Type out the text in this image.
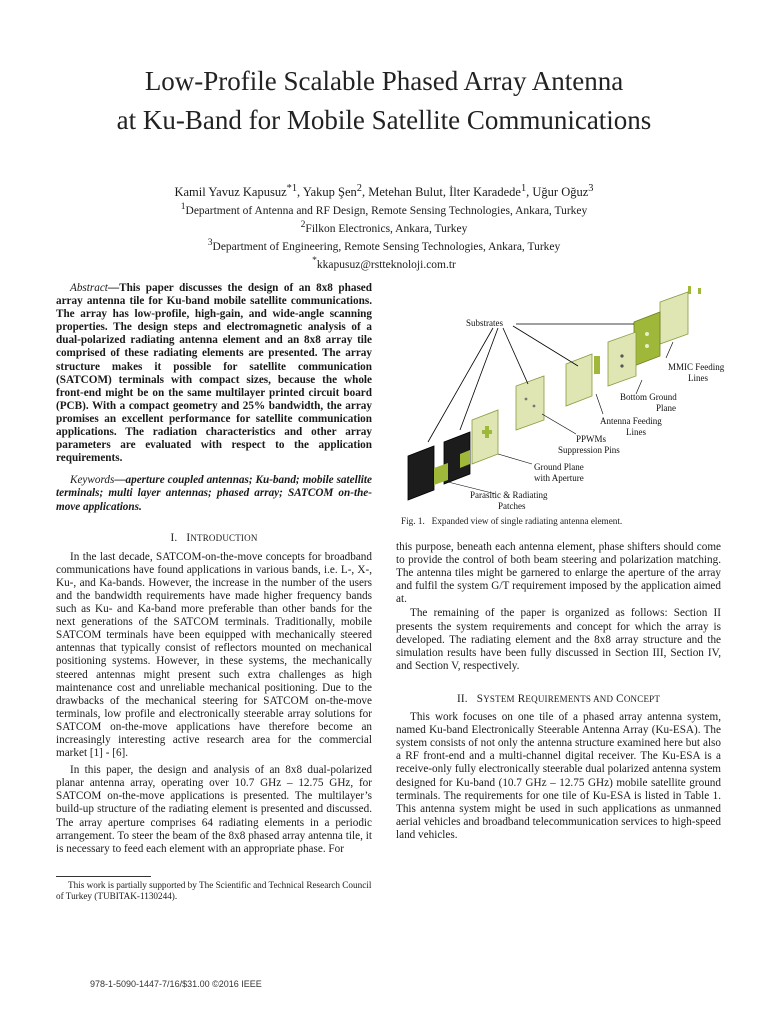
Low-Profile Scalable Phased Array Antenna
at Ku-Band for Mobile Satellite Communications
Kamil Yavuz Kapusuz$^{*1}$, Yakup Şen$^2$, Metehan Bulut, İlter Karadede$^1$, Uğur Oğuz$^3$
$^1$Department of Antenna and RF Design, Remote Sensing Technologies, Ankara, Turkey
$^2$Filkon Electronics, Ankara, Turkey
$^3$Department of Engineering, Remote Sensing Technologies, Ankara, Turkey
*kkapusuz@rstteknoloji.com.tr

Abstract—This paper discusses the design of an 8x8 phased array antenna tile for Ku-band mobile satellite communications. The array has low-profile, high-gain, and wide-angle scanning properties. The design steps and electromagnetic analysis of a dual-polarized radiating antenna element and an 8x8 array tile comprised of these radiating elements are presented. The array structure makes it possible for satellite communication (SATCOM) terminals with compact sizes, because the whole front-end might be on the same multilayer printed circuit board (PCB). With a compact geometry and 25% bandwidth, the array promises an excellent performance for satellite communication applications. The radiation characteristics and other array parameters are evaluated with respect to the application requirements.

Keywords—aperture coupled antennas; Ku-band; mobile satellite terminals; multi layer antennas; phased array; SATCOM on-the-move applications.

I. INTRODUCTION

In the last decade, SATCOM-on-the-move concepts for broadband communications have found applications in various bands, i.e. L-, X-, Ku-, and Ka-bands. However, the increase in the number of the users and the bandwidth requirements have made higher frequency bands such as Ku- and Ka-band more preferable than other bands for the next generations of the SATCOM terminals. Traditionally, mobile SATCOM terminals have been equipped with mechanically steered antennas that typically consist of reflectors mounted on mechanical positioning systems. However, in these systems, the mechanically steered antennas might present such extra challenges as high maintenance cost and unreliable mechanical positioning. Due to the drawbacks of the mechanical steering for SATCOM on-the-move terminals, low profile and electronically steerable array solutions for SATCOM on-the-move applications have therefore become an increasingly interesting active research area for the commercial market [1] - [6].

In this paper, the design and analysis of an 8x8 dual-polarized planar antenna array, operating over 10.7 GHz – 12.75 GHz, for SATCOM on-the-move applications is presented. The multilayer’s build-up structure of the radiating element is presented and discussed. The array aperture comprises 64 radiating elements in a periodic arrangement. To steer the beam of the 8x8 phased array antenna tile, it is necessary to feed each element with an appropriate phase. For

Substrates
MMIC Feeding
Lines
Bottom Ground
Plane
Antenna Feeding
Lines
PPWMs
Suppression Pins
Ground Plane
with Aperture
Parasitic & Radiating
Patches
Fig. 1. Expanded view of single radiating antenna element.

this purpose, beneath each antenna element, phase shifters should come to provide the control of both beam steering and polarization matching. The antenna tiles might be garnered to enlarge the aperture of the array and fulfil the system G/T requirement imposed by the application aimed at.

The remaining of the paper is organized as follows: Section II presents the system requirements and concept for which the array is developed. The radiating element and the 8x8 array structure and the simulation results have been fully discussed in Section III, Section IV, and Section V, respectively.

II. SYSTEM REQUIREMENTS AND CONCEPT

This work focuses on one tile of a phased array antenna system, named Ku-band Electronically Steerable Antenna Array (Ku-ESA). The system consists of not only the antenna structure examined here but also a RF front-end and a multi-channel digital receiver. The Ku-ESA is a receive-only fully electronically steerable dual polarized antenna system designed for Ku-band (10.7 GHz – 12.75 GHz) mobile satellite ground terminals. The requirements for one tile of Ku-ESA is listed in Table 1. This antenna system might be used in such applications as unmanned aerial vehicles and broadband telecommunication services to high-speed land vehicles.

This work is partially supported by The Scientific and Technical Research Council of Turkey (TUBITAK-1130244).
978-1-5090-1447-7/16/$31.00 ©2016 IEEE
